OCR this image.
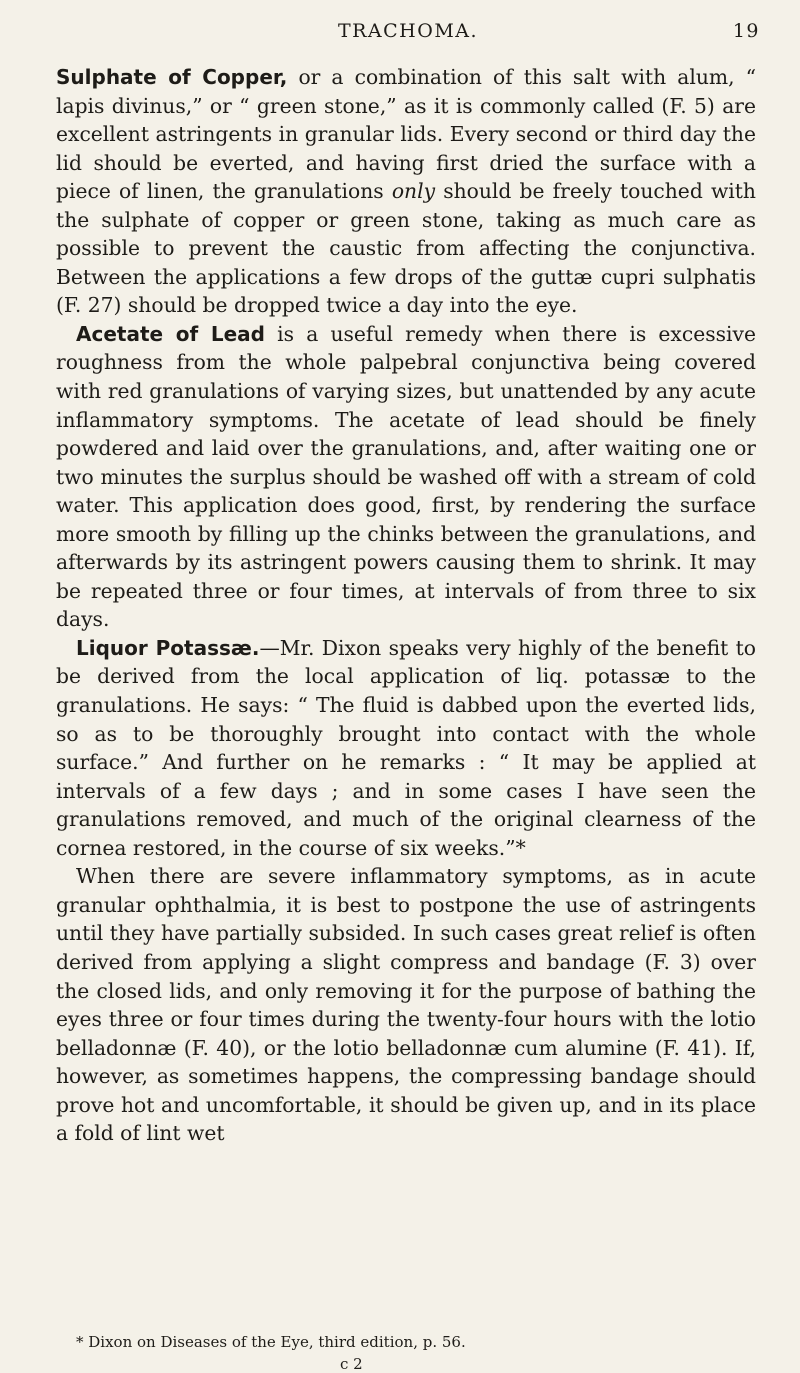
TRACHOMA.	19

Sulphate of Copper, or a combination of this salt with alum, “ lapis divinus,” or “ green stone,” as it is commonly called (F. 5) are excellent astringents in granular lids. Every second or third day the lid should be everted, and having first dried the surface with a piece of linen, the granulations only should be freely touched with the sulphate of copper or green stone, taking as much care as possible to prevent the caustic from affecting the conjunctiva. Between the applications a few drops of the guttæ cupri sulphatis (F. 27) should be dropped twice a day into the eye.

Acetate of Lead is a useful remedy when there is excessive roughness from the whole palpebral conjunctiva being covered with red granulations of varying sizes, but unattended by any acute inflammatory symptoms. The acetate of lead should be finely powdered and laid over the granulations, and, after waiting one or two minutes the surplus should be washed off with a stream of cold water. This application does good, first, by rendering the surface more smooth by filling up the chinks between the granulations, and afterwards by its astringent powers causing them to shrink. It may be repeated three or four times, at intervals of from three to six days.

Liquor Potassæ.—Mr. Dixon speaks very highly of the benefit to be derived from the local application of liq. potassæ to the granulations. He says: “ The fluid is dabbed upon the everted lids, so as to be thoroughly brought into contact with the whole surface.” And further on he remarks : “ It may be applied at intervals of a few days ; and in some cases I have seen the granulations removed, and much of the original clearness of the cornea restored, in the course of six weeks.”*

When there are severe inflammatory symptoms, as in acute granular ophthalmia, it is best to postpone the use of astringents until they have partially subsided. In such cases great relief is often derived from applying a slight compress and bandage (F. 3) over the closed lids, and only removing it for the purpose of bathing the eyes three or four times during the twenty-four hours with the lotio belladonnæ (F. 40), or the lotio belladonnæ cum alumine (F. 41). If, however, as sometimes happens, the compressing bandage should prove hot and uncomfortable, it should be given up, and in its place a fold of lint wet

* Dixon on Diseases of the Eye, third edition, p. 56.
c 2
